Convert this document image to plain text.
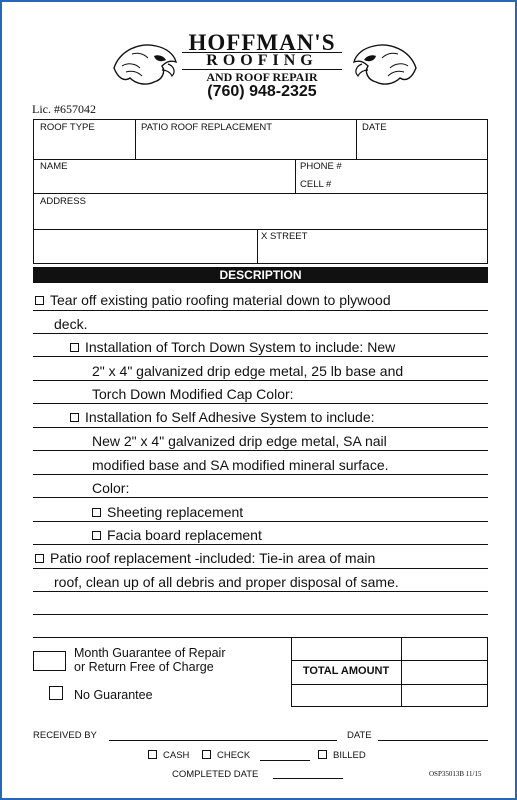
HOFFMAN'S
ROOFING
AND ROOF REPAIR
(760) 948-2325
Lic. #657042
ROOF TYPE	PATIO ROOF REPLACEMENT	DATE
NAME	PHONE #
CELL #
ADDRESS
X STREET
DESCRIPTION
Tear off existing patio roofing material down to plywood
deck.
Installation of Torch Down System to include: New
2" x 4" galvanized drip edge metal, 25 lb base and
Torch Down Modified Cap Color:
Installation fo Self Adhesive System to include:
New 2" x 4" galvanized drip edge metal, SA nail
modified base and SA modified mineral surface.
Color:
Sheeting replacement
Facia board replacement
Patio roof replacement -included: Tie-in area of main
roof, clean up of all debris and proper disposal of same.
Month Guarantee of Repair
or Return Free of Charge
No Guarantee
TOTAL AMOUNT
RECEIVED BY	DATE
CASH	CHECK	BILLED
COMPLETED DATE	OSP35013B 11/15
